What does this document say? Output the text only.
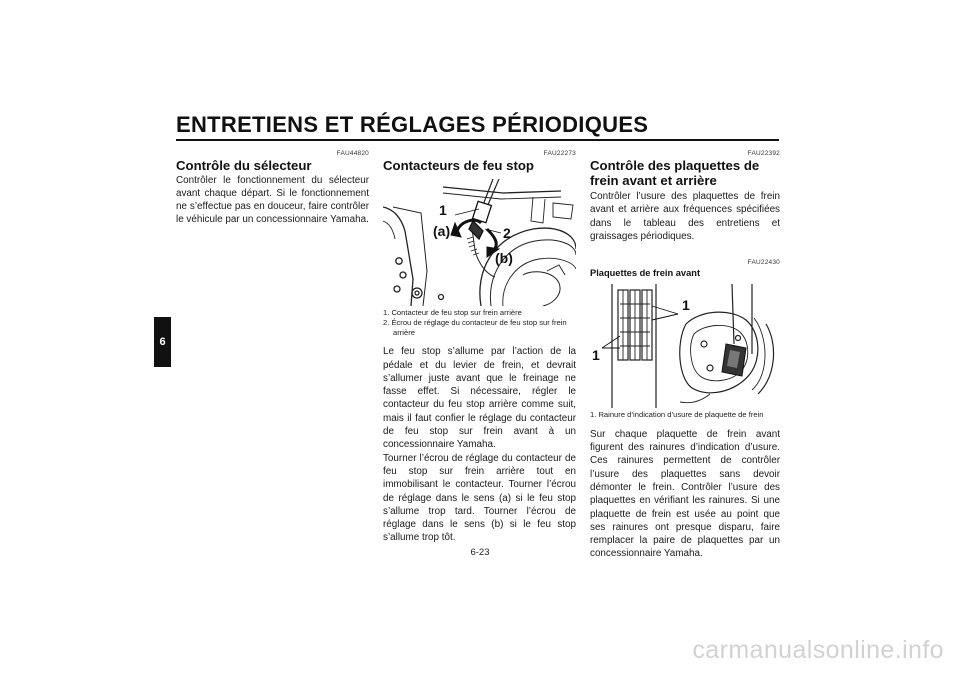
ENTRETIENS ET RÉGLAGES PÉRIODIQUES
6

FAU44820

Contrôle du sélecteur

Contrôler le fonctionnement du sélecteur avant chaque départ. Si le fonctionnement ne s’effectue pas en douceur, faire contrôler le véhicule par un concessionnaire Yamaha.

FAU22273

Contacteurs de feu stop
1
(a)	2
(b)
1. Contacteur de feu stop sur frein arrière
2. Écrou de réglage du contacteur de feu stop sur frein arrière

Le feu stop s’allume par l’action de la pédale et du levier de frein, et devrait s’allumer juste avant que le freinage ne fasse effet. Si nécessaire, régler le contacteur du feu stop arrière comme suit, mais il faut confier le réglage du contacteur de feu stop sur frein avant à un concessionnaire Yamaha.

Tourner l’écrou de réglage du contacteur de feu stop sur frein arrière tout en immobilisant le contacteur. Tourner l’écrou de réglage dans le sens (a) si le feu stop s’allume trop tard. Tourner l’écrou de réglage dans le sens (b) si le feu stop s’allume trop tôt.

FAU22392

Contrôle des plaquettes de frein avant et arrière

Contrôler l’usure des plaquettes de frein avant et arrière aux fréquences spécifiées dans le tableau des entretiens et graissages périodiques.

FAU22430

Plaquettes de frein avant
1
1
1. Rainure d’indication d’usure de plaquette de frein

Sur chaque plaquette de frein avant figurent des rainures d’indication d’usure. Ces rainures permettent de contrôler l’usure des plaquettes sans devoir démonter le frein. Contrôler l’usure des plaquettes en vérifiant les rainures. Si une plaquette de frein est usée au point que ses rainures ont presque disparu, faire remplacer la paire de plaquettes par un concessionnaire Yamaha.

6-23
carmanualsonline.info
